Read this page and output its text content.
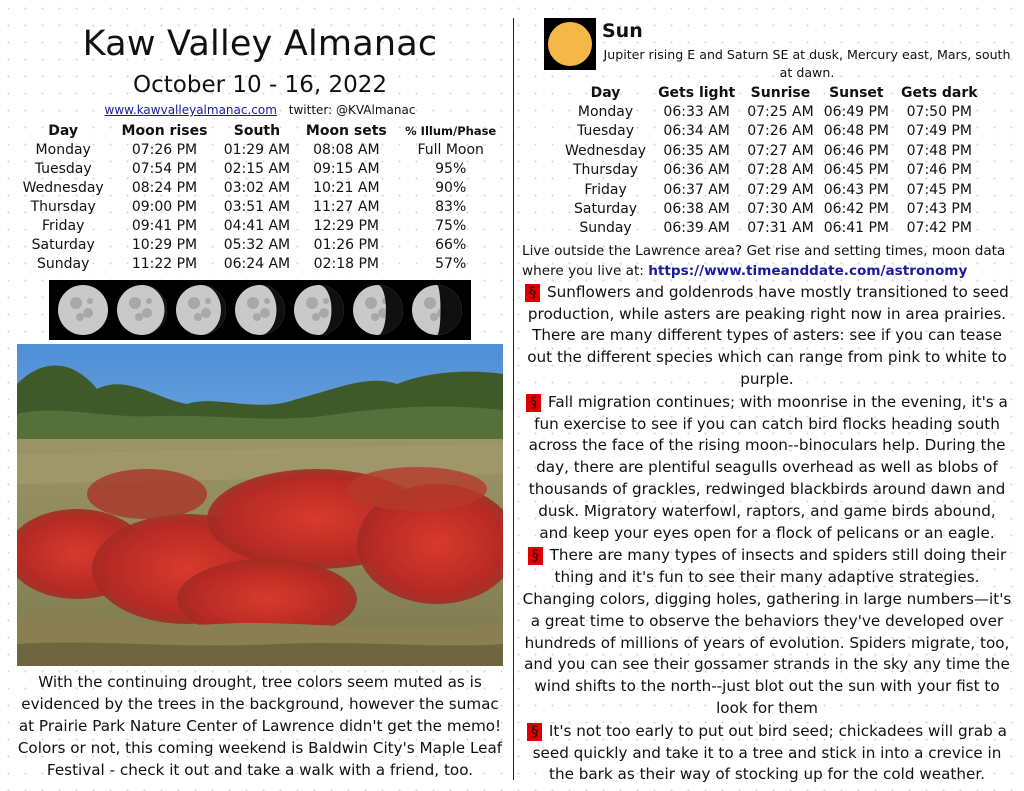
Kaw Valley Almanac
October 10 - 16, 2022
www.kawvalleyalmanac.com twitter: @KVAlmanac
Day	Moon rises	South	Moon sets	% Illum/Phase
Monday	07:26 PM	01:29 AM	08:08 AM	Full Moon
Tuesday	07:54 PM	02:15 AM	09:15 AM	95%
Wednesday	08:24 PM	03:02 AM	10:21 AM	90%
Thursday	09:00 PM	03:51 AM	11:27 AM	83%
Friday	09:41 PM	04:41 AM	12:29 PM	75%
Saturday	10:29 PM	05:32 AM	01:26 PM	66%
Sunday	11:22 PM	06:24 AM	02:18 PM	57%
With the continuing drought, tree colors seem muted as is evidenced by the trees in the background, however the sumac at Prairie Park Nature Center of Lawrence didn't get the memo! Colors or not, this coming weekend is Baldwin City's Maple Leaf Festival - check it out and take a walk with a friend, too.
Sun
Jupiter rising E and Saturn SE at dusk, Mercury east, Mars, south at dawn.
Day	Gets light	Sunrise	Sunset	Gets dark
Monday	06:33 AM	07:25 AM	06:49 PM	07:50 PM
Tuesday	06:34 AM	07:26 AM	06:48 PM	07:49 PM
Wednesday	06:35 AM	07:27 AM	06:46 PM	07:48 PM
Thursday	06:36 AM	07:28 AM	06:45 PM	07:46 PM
Friday	06:37 AM	07:29 AM	06:43 PM	07:45 PM
Saturday	06:38 AM	07:30 AM	06:42 PM	07:43 PM
Sunday	06:39 AM	07:31 AM	06:41 PM	07:42 PM
Live outside the Lawrence area? Get rise and setting times, moon data where you live at: https://www.timeanddate.com/astronomy
§ Sunflowers and goldenrods have mostly transitioned to seed production, while asters are peaking right now in area prairies. There are many different types of asters: see if you can tease out the different species which can range from pink to white to purple.
§ Fall migration continues; with moonrise in the evening, it's a fun exercise to see if you can catch bird flocks heading south across the face of the rising moon--binoculars help. During the day, there are plentiful seagulls overhead as well as blobs of thousands of grackles, redwinged blackbirds around dawn and dusk. Migratory waterfowl, raptors, and game birds abound, and keep your eyes open for a flock of pelicans or an eagle.
§ There are many types of insects and spiders still doing their thing and it's fun to see their many adaptive strategies. Changing colors, digging holes, gathering in large numbers—it's a great time to observe the behaviors they've developed over hundreds of millions of years of evolution. Spiders migrate, too, and you can see their gossamer strands in the sky any time the wind shifts to the north--just blot out the sun with your fist to look for them
§ It's not too early to put out bird seed; chickadees will grab a seed quickly and take it to a tree and stick in into a crevice in the bark as their way of stocking up for the cold weather.
